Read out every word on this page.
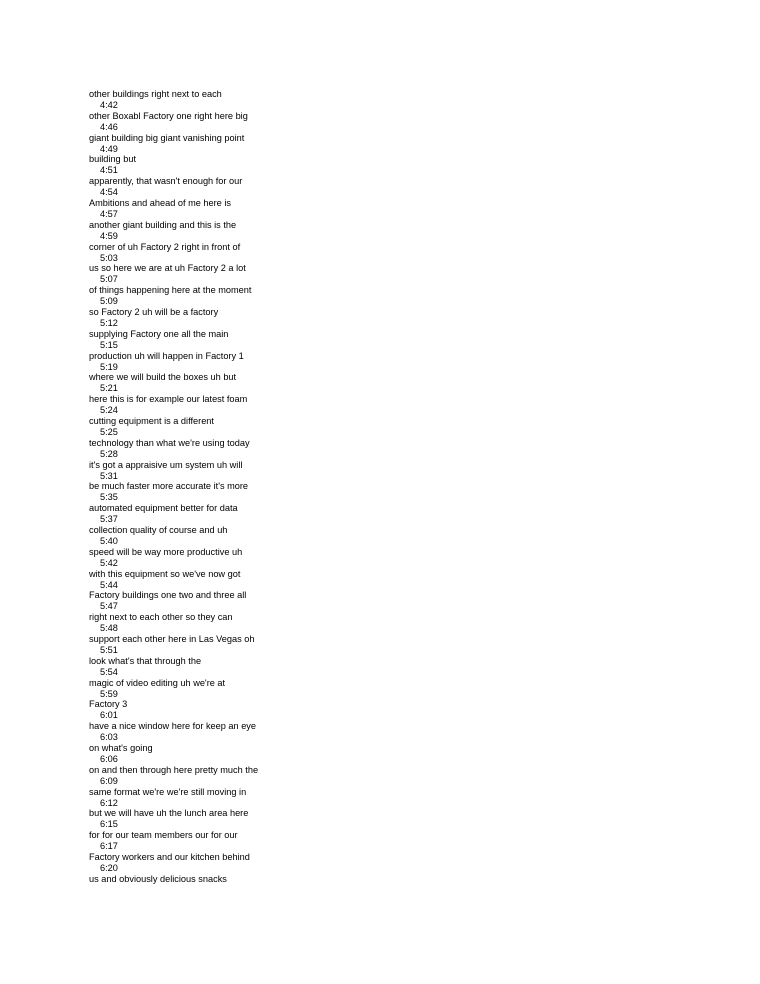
other buildings right next to each
4:42
other Boxabl Factory one right here big
4:46
giant building big giant vanishing point
4:49
building but
4:51
apparently, that wasn't enough for our
4:54
Ambitions and ahead of me here is
4:57
another giant building and this is the
4:59
corner of uh Factory 2 right in front of
5:03
us so here we are at uh Factory 2 a lot
5:07
of things happening here at the moment
5:09
so Factory 2 uh will be a factory
5:12
supplying Factory one all the main
5:15
production uh will happen in Factory 1
5:19
where we will build the boxes uh but
5:21
here this is for example our latest foam
5:24
cutting equipment is a different
5:25
technology than what we're using today
5:28
it's got a appraisive um system uh will
5:31
be much faster more accurate it's more
5:35
automated equipment better for data
5:37
collection quality of course and uh
5:40
speed will be way more productive uh
5:42
with this equipment so we've now got
5:44
Factory buildings one two and three all
5:47
right next to each other so they can
5:48
support each other here in Las Vegas oh
5:51
look what's that through the
5:54
magic of video editing uh we're at
5:59
Factory 3
6:01
have a nice window here for keep an eye
6:03
on what's going
6:06
on and then through here pretty much the
6:09
same format we're we're still moving in
6:12
but we will have uh the lunch area here
6:15
for for our team members our for our
6:17
Factory workers and our kitchen behind
6:20
us and obviously delicious snacks
